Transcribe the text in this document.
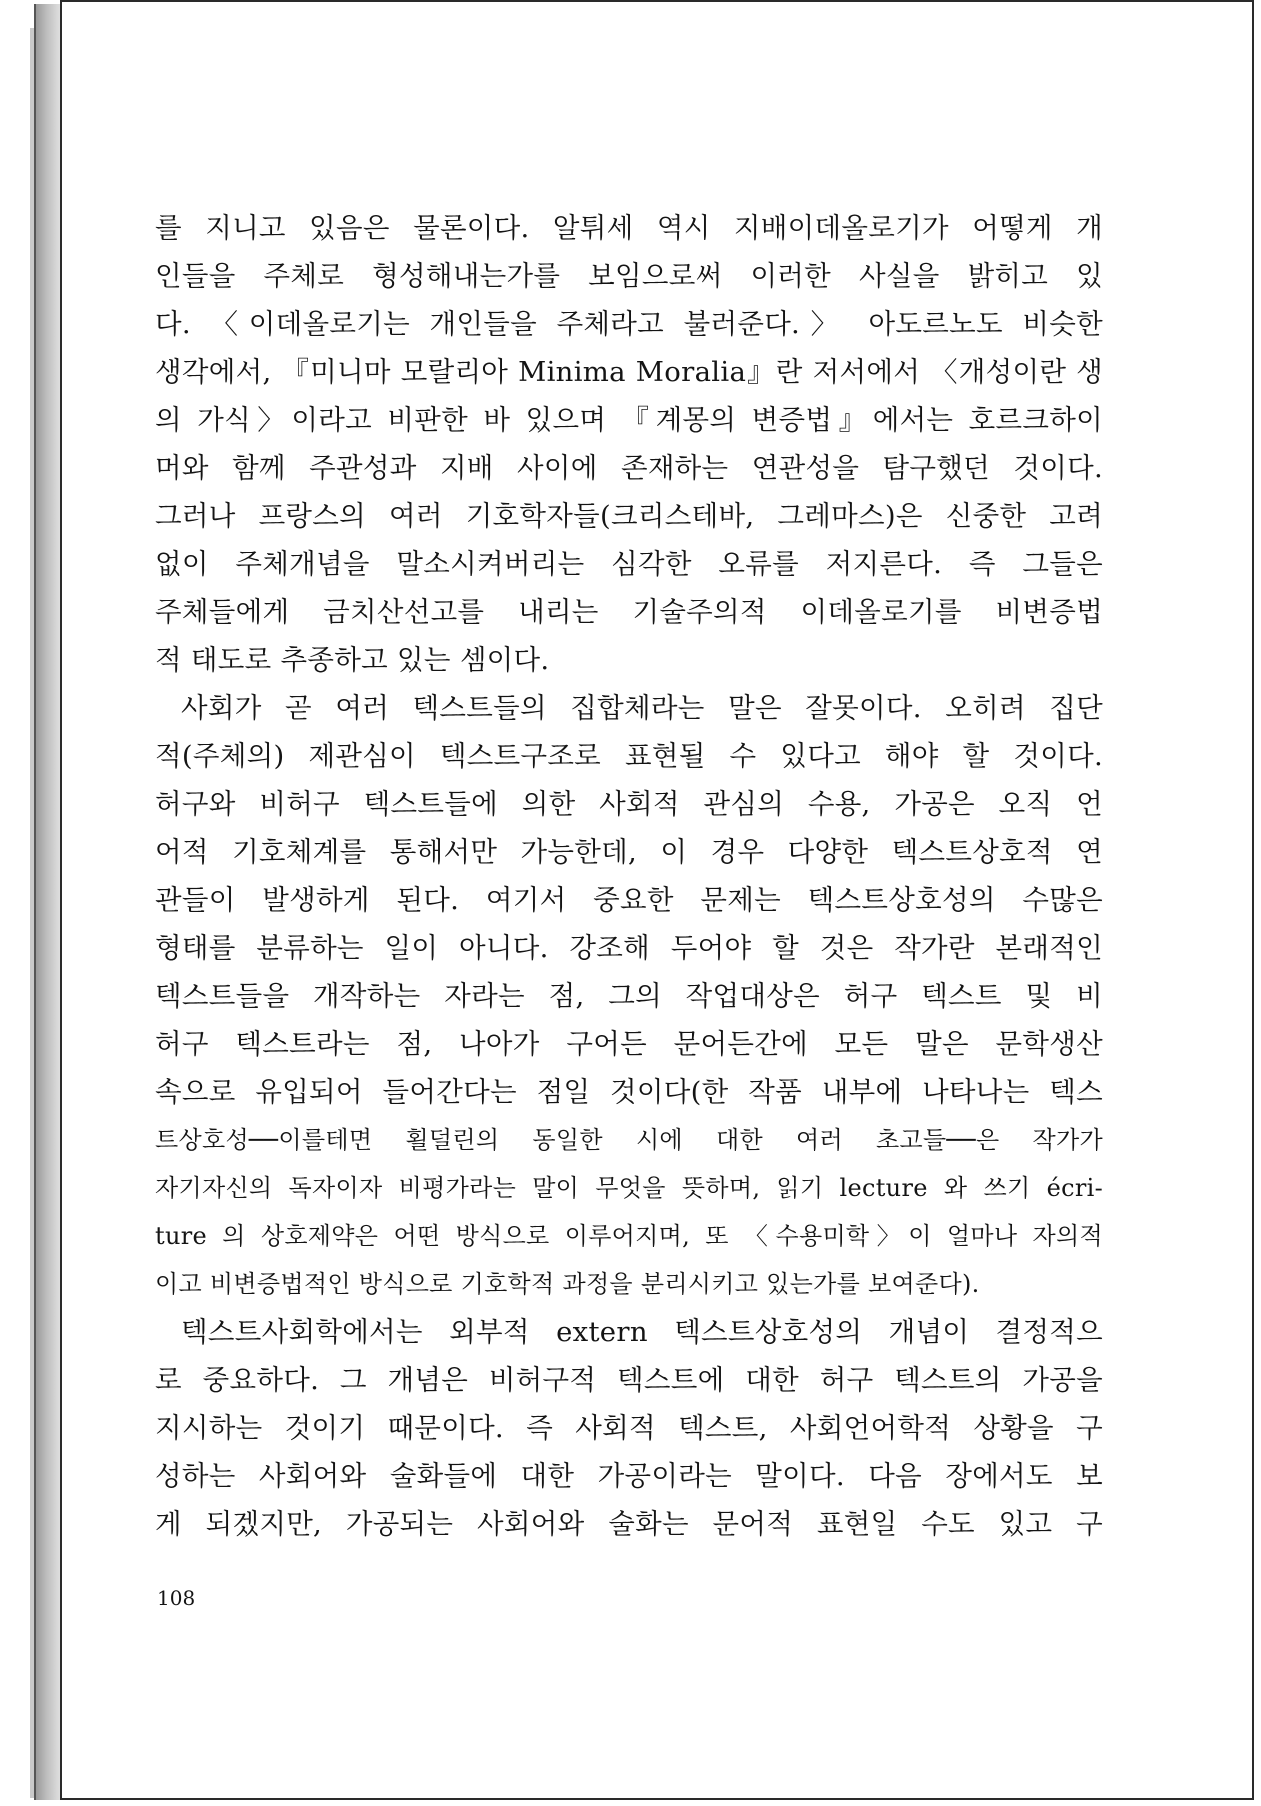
를 지니고 있음은 물론이다. 알튀세 역시 지배이데올로기가 어떻게 개
인들을 주체로 형성해내는가를 보임으로써 이러한 사실을 밝히고 있
다. 〈이데올로기는 개인들을 주체라고 불러준다.〉 아도르노도 비슷한
생각에서, 『미니마 모랄리아 Minima Moralia』란 저서에서 〈개성이란 생
의 가식〉이라고 비판한 바 있으며 『계몽의 변증법』에서는 호르크하이
머와 함께 주관성과 지배 사이에 존재하는 연관성을 탐구했던 것이다.
그러나 프랑스의 여러 기호학자들(크리스테바, 그레마스)은 신중한 고려
없이 주체개념을 말소시켜버리는 심각한 오류를 저지른다. 즉 그들은
주체들에게 금치산선고를 내리는 기술주의적 이데올로기를 비변증법
적 태도로 추종하고 있는 셈이다.
사회가 곧 여러 텍스트들의 집합체라는 말은 잘못이다. 오히려 집단
적(주체의) 제관심이 텍스트구조로 표현될 수 있다고 해야 할 것이다.
허구와 비허구 텍스트들에 의한 사회적 관심의 수용, 가공은 오직 언
어적 기호체계를 통해서만 가능한데, 이 경우 다양한 텍스트상호적 연
관들이 발생하게 된다. 여기서 중요한 문제는 텍스트상호성의 수많은
형태를 분류하는 일이 아니다. 강조해 두어야 할 것은 작가란 본래적인
텍스트들을 개작하는 자라는 점, 그의 작업대상은 허구 텍스트 및 비
허구 텍스트라는 점, 나아가 구어든 문어든간에 모든 말은 문학생산
속으로 유입되어 들어간다는 점일 것이다(한 작품 내부에 나타나는 텍스
트상호성──이를테면 횔덜린의 동일한 시에 대한 여러 초고들──은 작가가
자기자신의 독자이자 비평가라는 말이 무엇을 뜻하며, 읽기 lecture 와 쓰기 écri-
ture 의 상호제약은 어떤 방식으로 이루어지며, 또 〈수용미학〉이 얼마나 자의적
이고 비변증법적인 방식으로 기호학적 과정을 분리시키고 있는가를 보여준다).
텍스트사회학에서는 외부적 extern 텍스트상호성의 개념이 결정적으
로 중요하다. 그 개념은 비허구적 텍스트에 대한 허구 텍스트의 가공을
지시하는 것이기 때문이다. 즉 사회적 텍스트, 사회언어학적 상황을 구
성하는 사회어와 술화들에 대한 가공이라는 말이다. 다음 장에서도 보
게 되겠지만, 가공되는 사회어와 술화는 문어적 표현일 수도 있고 구
108
